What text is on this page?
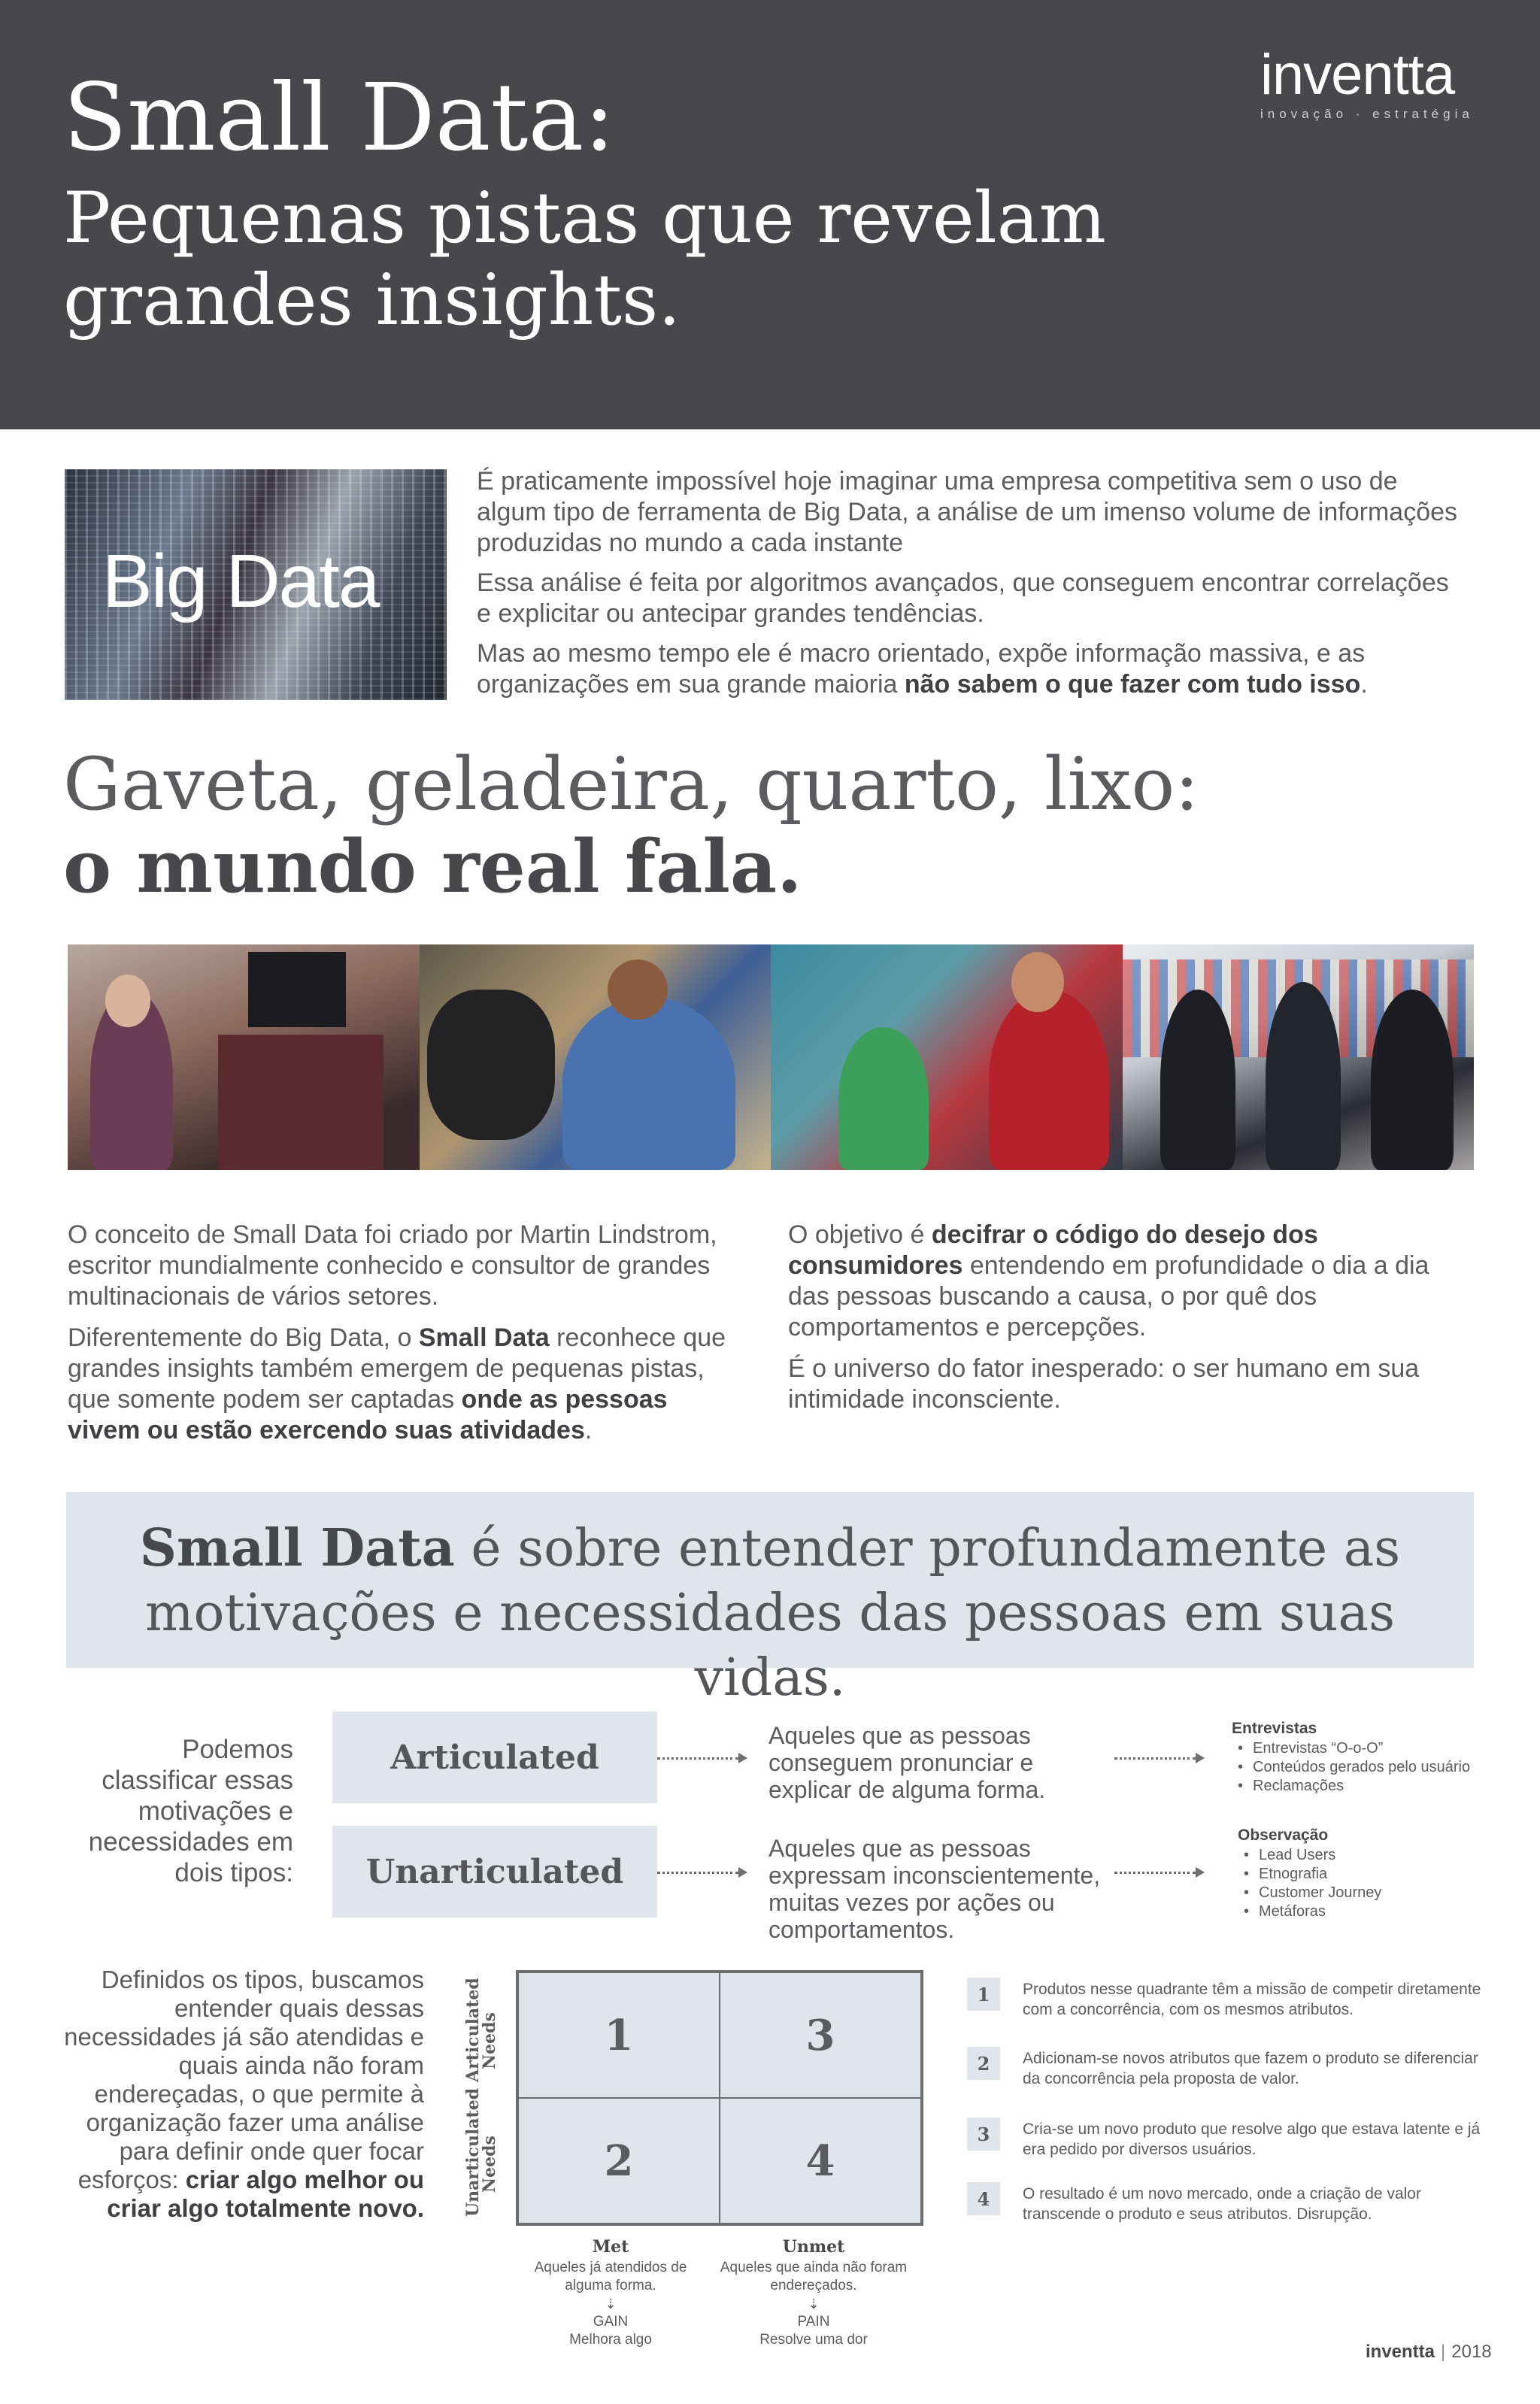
Small Data:
Pequenas pistas que revelam grandes insights.
inventta
inovação · estratégia
Big Data

É praticamente impossível hoje imaginar uma empresa competitiva sem o uso de algum tipo de ferramenta de Big Data, a análise de um imenso volume de informações produzidas no mundo a cada instante

Essa análise é feita por algoritmos avançados, que conseguem encontrar correlações e explicitar ou antecipar grandes tendências.

Mas ao mesmo tempo ele é macro orientado, expõe informação massiva, e as organizações em sua grande maioria não sabem o que fazer com tudo isso.

Gaveta, geladeira, quarto, lixo:
o mundo real fala.

O conceito de Small Data foi criado por Martin Lindstrom, escritor mundialmente conhecido e consultor de grandes multinacionais de vários setores.

Diferentemente do Big Data, o Small Data reconhece que grandes insights também emergem de pequenas pistas, que somente podem ser captadas onde as pessoas vivem ou estão exercendo suas atividades.

O objetivo é decifrar o código do desejo dos consumidores entendendo em profundidade o dia a dia das pessoas buscando a causa, o por quê dos comportamentos e percepções.

É o universo do fator inesperado: o ser humano em sua intimidade inconsciente.

Small Data é sobre entender profundamente as motivações e necessidades das pessoas em suas vidas.
Podemos classificar essas motivações e necessidades em dois tipos:
Articulated
Unarticulated
Aqueles que as pessoas conseguem pronunciar e explicar de alguma forma.
Aqueles que as pessoas expressam inconscientemente, muitas vezes por ações ou comportamentos.
Entrevistas
• Entrevistas “O-o-O”
• Conteúdos gerados pelo usuário
• Reclamações
Observação
• Lead Users
• Etnografia
• Customer Journey
• Metáforas
Definidos os tipos, buscamos entender quais dessas necessidades já são atendidas e quais ainda não foram endereçadas, o que permite à organização fazer uma análise para definir onde quer focar esforços: criar algo melhor ou criar algo totalmente novo.
Articulated Needs
Unarticulated Needs
1	3
2	4
Met
Aqueles já atendidos de alguma forma.
⇣
GAIN
Melhora algo
Unmet
Aqueles que ainda não foram endereçados.
⇣
PAIN
Resolve uma dor
1	Produtos nesse quadrante têm a missão de competir diretamente com a concorrência, com os mesmos atributos.
2	Adicionam-se novos atributos que fazem o produto se diferenciar da concorrência pela proposta de valor.
3	Cria-se um novo produto que resolve algo que estava latente e já era pedido por diversos usuários.
4	O resultado é um novo mercado, onde a criação de valor transcende o produto e seus atributos. Disrupção.
inventta | 2018
